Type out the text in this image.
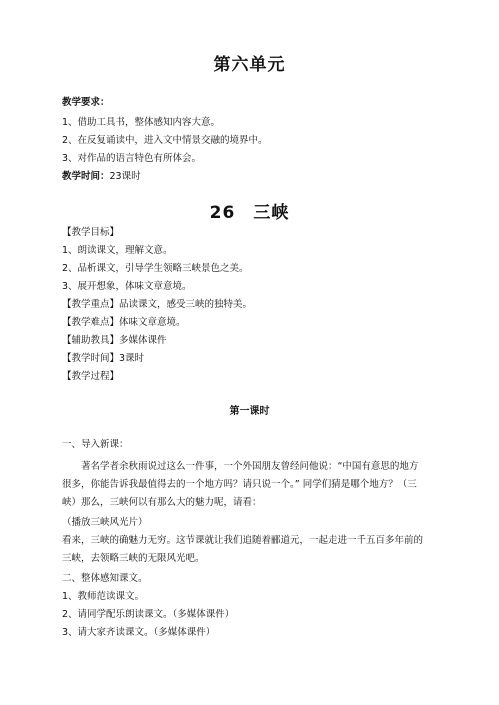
第六单元
教学要求：
1、借助工具书，整体感知内容大意。
2、在反复诵读中，进入文中情景交融的境界中。
3、对作品的语言特色有所体会。
教学时间：23课时
26　三峡
【教学目标】
1、朗读课文，理解文意。
2、品析课文，引导学生领略三峡景色之美。
3、展开想象，体味文章意境。
【教学重点】品读课文，感受三峡的独特美。
【教学难点】体味文章意境。
【辅助教具】多媒体课件
【教学时间】3课时
【教学过程】
第一课时
一、导入新课：
　　著名学者余秋雨说过这么一件事，一个外国朋友曾经问他说：“中国有意思的地方
很多，你能告诉我最值得去的一个地方吗？请只说一个。” 同学们猜是哪个地方？（三
峡）那么，三峡何以有那么大的魅力呢，请看：
（播放三峡风光片）
看来，三峡的确魅力无穷。这节课就让我们追随着郦道元，一起走进一千五百多年前的
三峡，去领略三峡的无限风光吧。
二、整体感知课文。
1、教师范读课文。
2、请同学配乐朗读课文。（多媒体课件）
3、请大家齐读课文。（多媒体课件）
